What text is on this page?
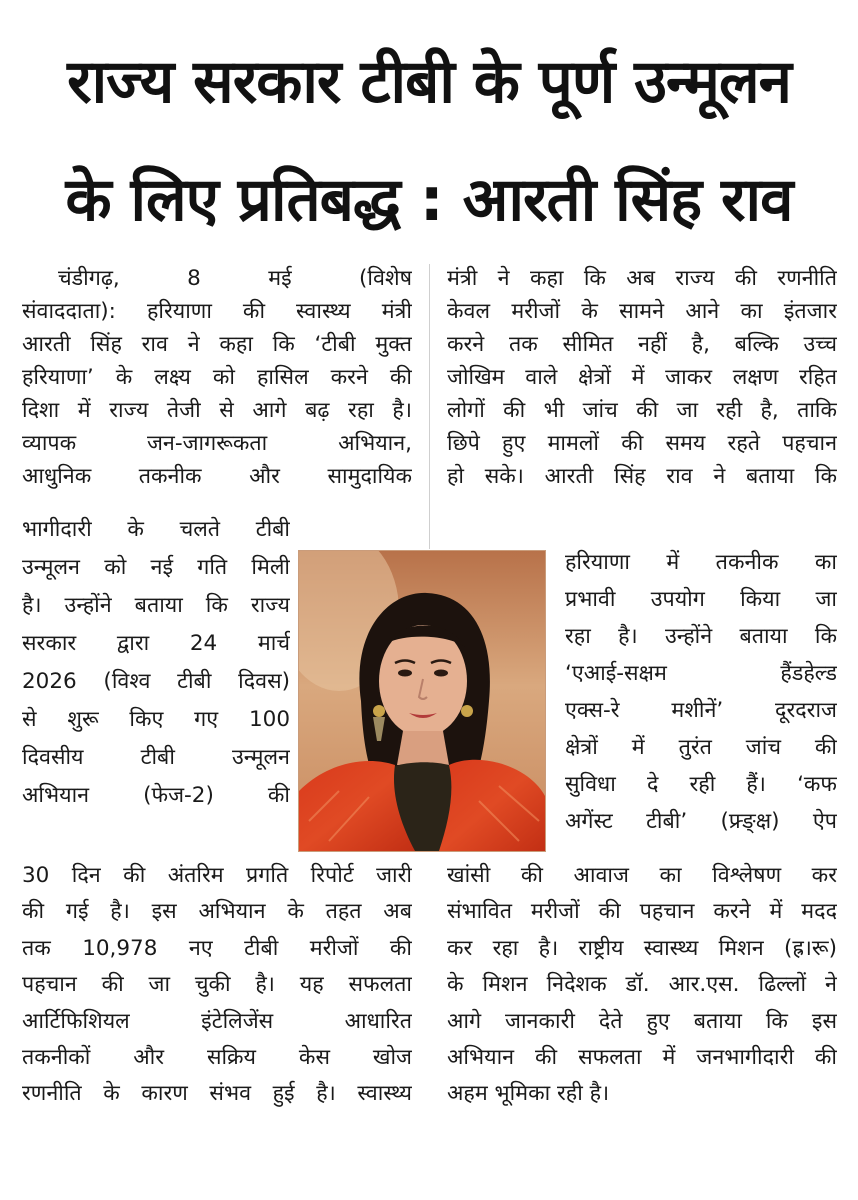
राज्य सरकार टीबी के पूर्ण उन्मूलन
के लिए प्रतिबद्ध : आरती सिंह राव
चंडीगढ़, 8 मई (विशेष
संवाददाता): हरियाणा की स्वास्थ्य मंत्री
आरती सिंह राव ने कहा कि ‘टीबी मुक्त
हरियाणा’ के लक्ष्य को हासिल करने की
दिशा में राज्य तेजी से आगे बढ़ रहा है।
व्यापक जन-जागरूकता अभियान,
आधुनिक तकनीक और सामुदायिक
भागीदारी के चलते टीबी
उन्मूलन को नई गति मिली
है। उन्होंने बताया कि राज्य
सरकार द्वारा 24 मार्च
2026 (विश्व टीबी दिवस)
से शुरू किए गए 100
दिवसीय टीबी उन्मूलन
अभियान (फेज-2) की
30 दिन की अंतरिम प्रगति रिपोर्ट जारी
की गई है। इस अभियान के तहत अब
तक 10,978 नए टीबी मरीजों की
पहचान की जा चुकी है। यह सफलता
आर्टिफिशियल इंटेलिजेंस आधारित
तकनीकों और सक्रिय केस खोज
रणनीति के कारण संभव हुई है। स्वास्थ्य
मंत्री ने कहा कि अब राज्य की रणनीति
केवल मरीजों के सामने आने का इंतजार
करने तक सीमित नहीं है, बल्कि उच्च
जोखिम वाले क्षेत्रों में जाकर लक्षण रहित
लोगों की भी जांच की जा रही है, ताकि
छिपे हुए मामलों की समय रहते पहचान
हो सके। आरती सिंह राव ने बताया कि
हरियाणा में तकनीक का
प्रभावी उपयोग किया जा
रहा है। उन्होंने बताया कि
‘एआई-सक्षम हैंडहेल्ड
एक्स-रे मशीनें’ दूरदराज
क्षेत्रों में तुरंत जांच की
सुविधा दे रही हैं। ‘कफ
अगेंस्ट टीबी’ (फ्र्ङ्क्ष) ऐप
खांसी की आवाज का विश्लेषण कर
संभावित मरीजों की पहचान करने में मदद
कर रहा है। राष्ट्रीय स्वास्थ्य मिशन (ह्र।रू)
के मिशन निदेशक डॉ. आर.एस. ढिल्लों ने
आगे जानकारी देते हुए बताया कि इस
अभियान की सफलता में जनभागीदारी की
अहम भूमिका रही है।
